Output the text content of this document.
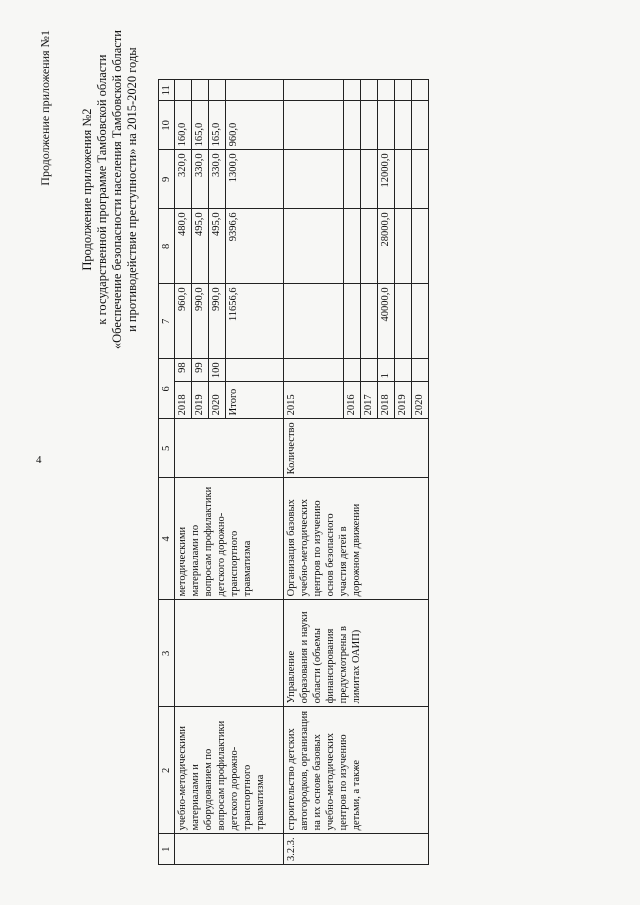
4
Продолжение приложения №1
Продолжение приложения №2 к государственной программе Тамбовской области «Обеспечение безопасности населения Тамбовской области и противодействие преступности» на 2015-2020 годы
1	2	3	4	5	6		7	8	9	10	11
	учебно-методическими материалами и оборудованием по вопросам профилактики детского дорожно-транспортного травматизма		методическими материалами по вопросам профилактики детского дорожно-транспортного травматизма		2018	98	960,0	480,0	320,0	160,0	
					2019	99	990,0	495,0	330,0	165,0	
					2020	100	990,0	495,0	330,0	165,0	
					Итого		11656,6	9396,6	1300,0	960,0	
3.2.3.	строительство детских автогородков, организация на их основе базовых учебно-методических центров по изучению детьми, а также	Управление образования и науки области (объемы финансирования предусмотрены в лимитах ОАИП)	Организация базовых учебно-методических центров по изучению основ безопасного участия детей в дорожном движении	Количество	2015						
					2016						
					2017						
					2018	1	40000,0	28000,0	12000,0		
					2019						
					2020						
